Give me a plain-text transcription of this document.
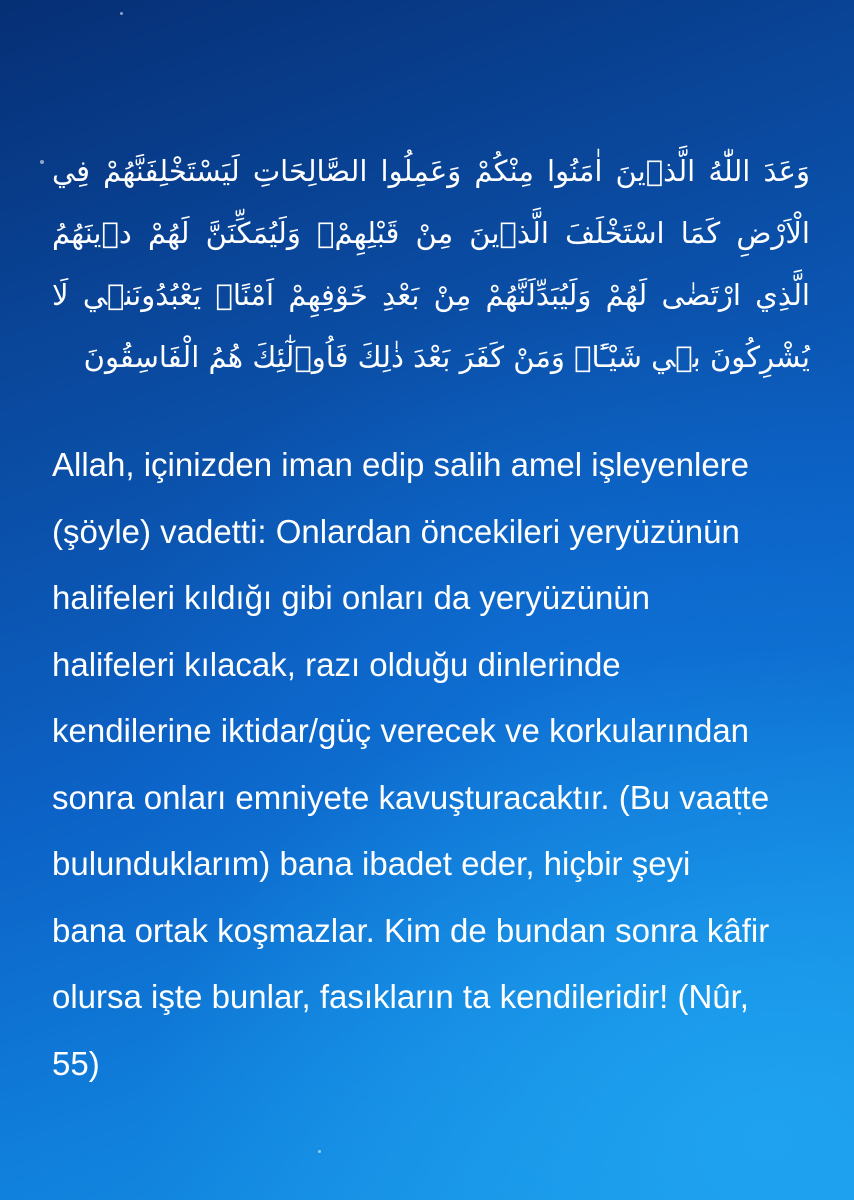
وَعَدَ اللّٰهُ الَّذ۪ينَ اٰمَنُوا مِنْكُمْ وَعَمِلُوا الصَّالِحَاتِ لَيَسْتَخْلِفَنَّهُمْ فِي الْاَرْضِ كَمَا اسْتَخْلَفَ الَّذ۪ينَ مِنْ قَبْلِهِمْۖ وَلَيُمَكِّنَنَّ لَهُمْ د۪ينَهُمُ الَّذِي ارْتَضٰى لَهُمْ وَلَيُبَدِّلَنَّهُمْ مِنْ بَعْدِ خَوْفِهِمْ اَمْنًاۜ يَعْبُدُونَن۪ي لَا يُشْرِكُونَ ب۪ي شَيْـًٔاۜ وَمَنْ كَفَرَ بَعْدَ ذٰلِكَ فَاُو۬لٰٓئِكَ هُمُ الْفَاسِقُونَ

Allah, içinizden iman edip salih amel işleyenlere (şöyle) vadetti: Onlardan öncekileri yeryüzünün halifeleri kıldığı gibi onları da yeryüzünün halifeleri kılacak, razı olduğu dinlerinde kendilerine iktidar/güç verecek ve korkularından sonra onları emniyete kavuşturacaktır. (Bu vaatte bulunduklarım) bana ibadet eder, hiçbir şeyi bana ortak koşmazlar. Kim de bundan sonra kâfir olursa işte bunlar, fasıkların ta kendileridir! (Nûr, 55)
